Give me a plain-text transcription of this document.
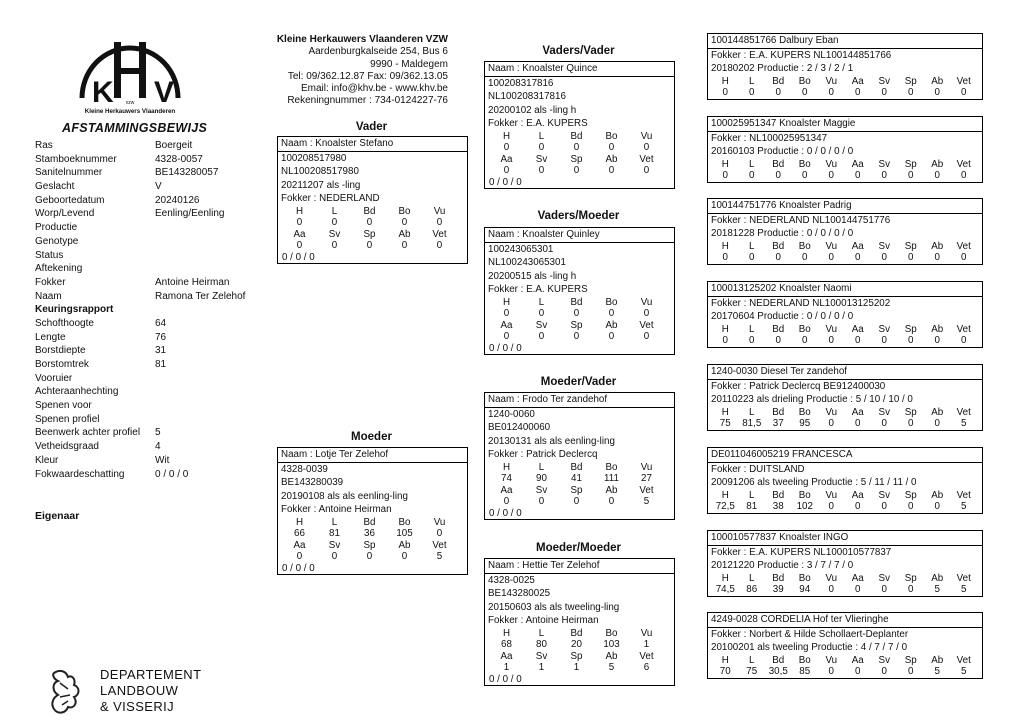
K V
vzw
Kleine Herkauwers Vlaanderen
AFSTAMMINGSBEWIJS
Ras	Boergeit
Stamboeknummer	4328-0057
Sanitelnummer	BE143280057
Geslacht	V
Geboortedatum	20240126
Worp/Levend	Eenling/Eenling
Productie
Genotype
Status
Aftekening
Fokker	Antoine Heirman
Naam	Ramona Ter Zelehof
Keuringsrapport
Schofthoogte	64
Lengte	76
Borstdiepte	31
Borstomtrek	81
Vooruier
Achteraanhechting
Spenen voor
Spenen profiel
Beenwerk achter profiel 5
Vetheidsgraad	4
Kleur	Wit
Fokwaardeschatting	0 / 0 / 0
Eigenaar
Kleine Herkauwers Vlaanderen VZW
Aardenburgkalseide 254, Bus 6
9990 - Maldegem
Tel: 09/362.12.87 Fax: 09/362.13.05
Email: info@khv.be - www.khv.be
Rekeningnummer : 734-0124227-76
Vader
Naam : Knoalster Stefano
100208517980
NL100208517980
20211207 als -ling
Fokker : NEDERLAND
H	L	Bd	Bo	Vu
0	0	0	0	0
Aa	Sv	Sp	Ab	Vet
0	0	0	0	0
0 / 0 / 0
Moeder
Naam : Lotje Ter Zelehof
4328-0039
BE143280039
20190108 als als eenling-ling
Fokker : Antoine Heirman
H	L	Bd	Bo	Vu
66	81	36	105	0
Aa	Sv	Sp	Ab	Vet
0	0	0	0	5
0 / 0 / 0
Vaders/Vader
Naam : Knoalster Quince
100208317816
NL100208317816
20200102 als -ling h
Fokker : E.A. KUPERS
H	L	Bd	Bo	Vu
0	0	0	0	0
Aa	Sv	Sp	Ab	Vet
0	0	0	0	0
0 / 0 / 0
Vaders/Moeder
Naam : Knoalster Quinley
100243065301
NL100243065301
20200515 als -ling h
Fokker : E.A. KUPERS
H	L	Bd	Bo	Vu
0	0	0	0	0
Aa	Sv	Sp	Ab	Vet
0	0	0	0	0
0 / 0 / 0
Moeder/Vader
Naam : Frodo Ter zandehof
1240-0060
BE012400060
20130131 als als eenling-ling
Fokker : Patrick Declercq
H	L	Bd	Bo	Vu
74	90	41	111	27
Aa	Sv	Sp	Ab	Vet
0	0	0	0	5
0 / 0 / 0
Moeder/Moeder
Naam : Hettie Ter Zelehof
4328-0025
BE143280025
20150603 als als tweeling-ling
Fokker : Antoine Heirman
H	L	Bd	Bo	Vu
68	80	20	103	1
Aa	Sv	Sp	Ab	Vet
1	1	1	5	6
0 / 0 / 0
100144851766 Dalbury Eban
Fokker : E.A. KUPERS NL100144851766
20180202 Productie : 2 / 3 / 2 / 1
H	L	Bd	Bo	Vu	Aa	Sv	Sp	Ab	Vet
0	0	0	0	0	0	0	0	0	0
100025951347 Knoalster Maggie
Fokker : NL100025951347
20160103 Productie : 0 / 0 / 0 / 0
H	L	Bd	Bo	Vu	Aa	Sv	Sp	Ab	Vet
0	0	0	0	0	0	0	0	0	0
100144751776 Knoalster Padrig
Fokker : NEDERLAND NL100144751776
20181228 Productie : 0 / 0 / 0 / 0
H	L	Bd	Bo	Vu	Aa	Sv	Sp	Ab	Vet
0	0	0	0	0	0	0	0	0	0
100013125202 Knoalster Naomi
Fokker : NEDERLAND NL100013125202
20170604 Productie : 0 / 0 / 0 / 0
H	L	Bd	Bo	Vu	Aa	Sv	Sp	Ab	Vet
0	0	0	0	0	0	0	0	0	0
1240-0030 Diesel Ter zandehof
Fokker : Patrick Declercq BE912400030
20110223 als drieling Productie : 5 / 10 / 10 / 0
H	L	Bd	Bo	Vu	Aa	Sv	Sp	Ab	Vet
75	81,5	37	95	0	0	0	0	0	5
DE011046005219 FRANCESCA
Fokker : DUITSLAND
20091206 als tweeling Productie : 5 / 11 / 11 / 0
H	L	Bd	Bo	Vu	Aa	Sv	Sp	Ab	Vet
72,5	81	38	102	0	0	0	0	0	5
100010577837 Knoalster INGO
Fokker : E.A. KUPERS NL100010577837
20121220 Productie : 3 / 7 / 7 / 0
H	L	Bd	Bo	Vu	Aa	Sv	Sp	Ab	Vet
74,5	86	39	94	0	0	0	0	5	5
4249-0028 CORDELIA Hof ter Vlieringhe
Fokker : Norbert & Hilde Schollaert-Deplanter
20100201 als tweeling Productie : 4 / 7 / 7 / 0
H	L	Bd	Bo	Vu	Aa	Sv	Sp	Ab	Vet
70	75	30,5	85	0	0	0	0	5	5
DEPARTEMENT
LANDBOUW
& VISSERIJ
